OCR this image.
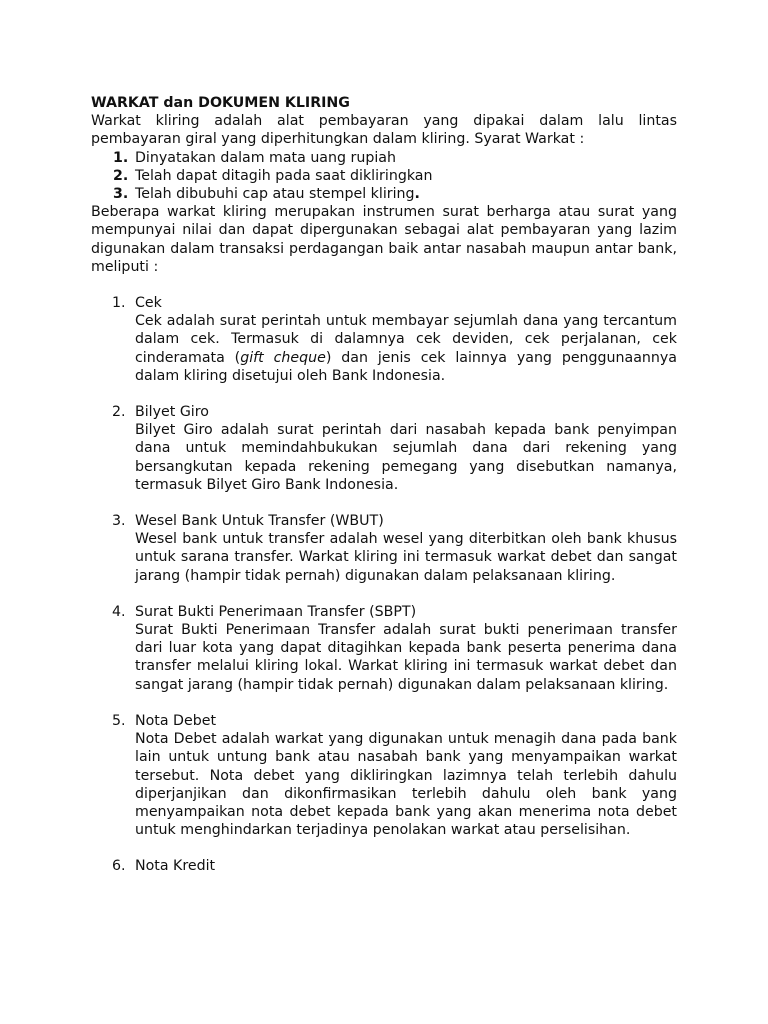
WARKAT dan DOKUMEN KLIRING

Warkat kliring adalah alat pembayaran yang dipakai dalam lalu lintas pembayaran giral yang diperhitungkan dalam kliring. Syarat Warkat :

1. Dinyatakan dalam mata uang rupiah
2. Telah dapat ditagih pada saat dikliringkan
3. Telah dibubuhi cap atau stempel kliring.

Beberapa warkat kliring merupakan instrumen surat berharga atau surat yang mempunyai nilai dan dapat dipergunakan sebagai alat pembayaran yang lazim digunakan dalam transaksi perdagangan baik antar nasabah maupun antar bank, meliputi :

1. Cek

Cek adalah surat perintah untuk membayar sejumlah dana yang tercantum dalam cek. Termasuk di dalamnya cek deviden, cek perjalanan, cek cinderamata (gift cheque) dan jenis cek lainnya yang penggunaannya dalam kliring disetujui oleh Bank Indonesia.

2. Bilyet Giro

Bilyet Giro adalah surat perintah dari nasabah kepada bank penyimpan dana untuk memindahbukukan sejumlah dana dari rekening yang bersangkutan kepada rekening pemegang yang disebutkan namanya, termasuk Bilyet Giro Bank Indonesia.

3. Wesel Bank Untuk Transfer (WBUT)

Wesel bank untuk transfer adalah wesel yang diterbitkan oleh bank khusus untuk sarana transfer. Warkat kliring ini termasuk warkat debet dan sangat jarang (hampir tidak pernah) digunakan dalam pelaksanaan kliring.

4. Surat Bukti Penerimaan Transfer (SBPT)

Surat Bukti Penerimaan Transfer adalah surat bukti penerimaan transfer dari luar kota yang dapat ditagihkan kepada bank peserta penerima dana transfer melalui kliring lokal. Warkat kliring ini termasuk warkat debet dan sangat jarang (hampir tidak pernah) digunakan dalam pelaksanaan kliring.

5. Nota Debet

Nota Debet adalah warkat yang digunakan untuk menagih dana pada bank lain untuk untung bank atau nasabah bank yang menyampaikan warkat tersebut. Nota debet yang dikliringkan lazimnya telah terlebih dahulu diperjanjikan dan dikonfirmasikan terlebih dahulu oleh bank yang menyampaikan nota debet kepada bank yang akan menerima nota debet untuk menghindarkan terjadinya penolakan warkat atau perselisihan.

6. Nota Kredit
